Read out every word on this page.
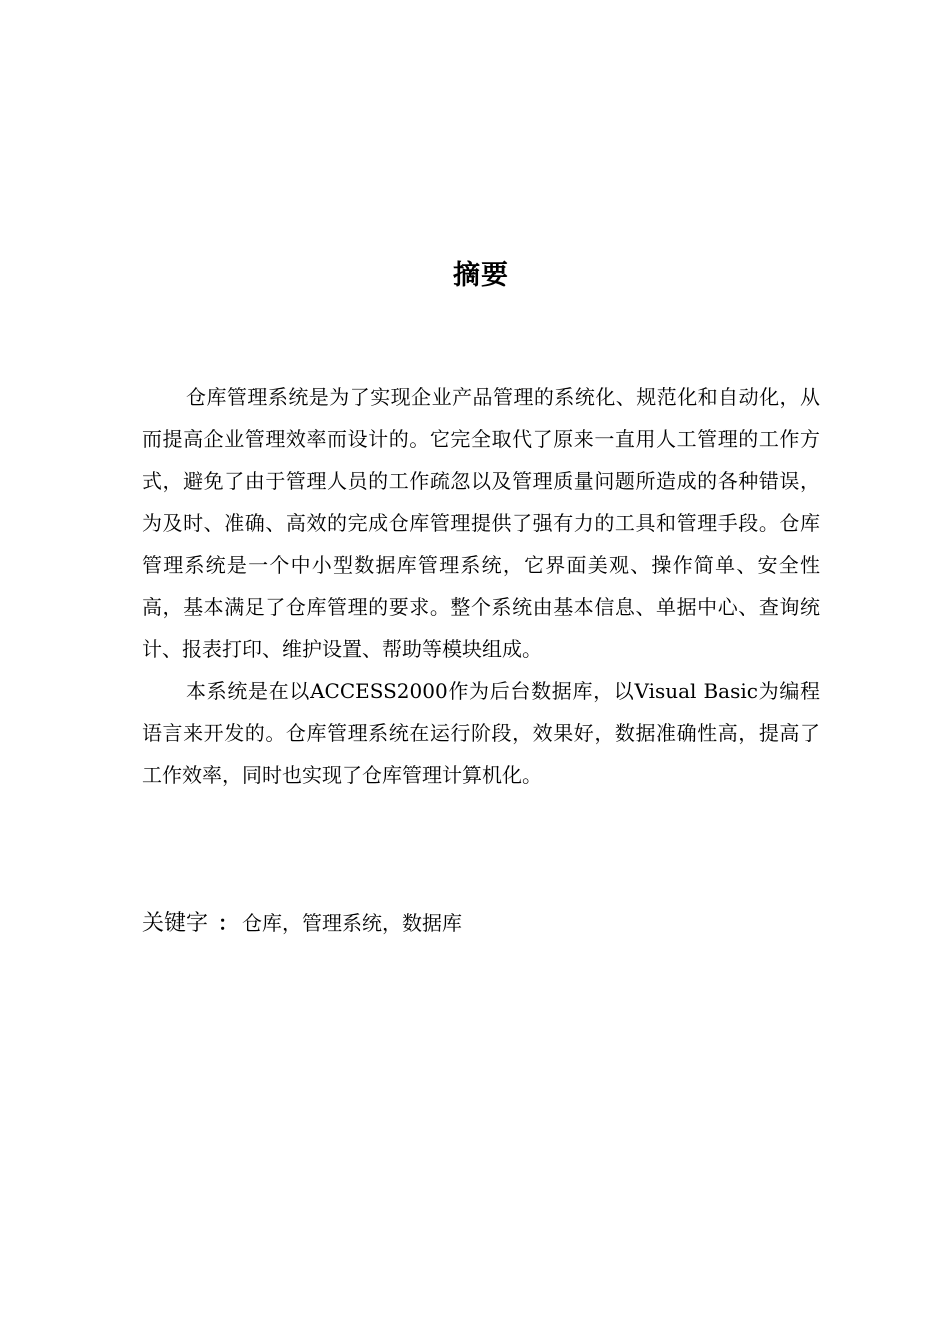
摘要

仓库管理系统是为了实现企业产品管理的系统化、规范化和自动化，从而提高企业管理效率而设计的。它完全取代了原来一直用人工管理的工作方式，避免了由于管理人员的工作疏忽以及管理质量问题所造成的各种错误，为及时、准确、高效的完成仓库管理提供了强有力的工具和管理手段。仓库管理系统是一个中小型数据库管理系统，它界面美观、操作简单、安全性高，基本满足了仓库管理的要求。整个系统由基本信息、单据中心、查询统计、报表打印、维护设置、帮助等模块组成。

本系统是在以ACCESS2000作为后台数据库，以Visual Basic为编程语言来开发的。仓库管理系统在运行阶段，效果好，数据准确性高，提高了工作效率，同时也实现了仓库管理计算机化。

关键字 ： 仓库，管理系统，数据库
